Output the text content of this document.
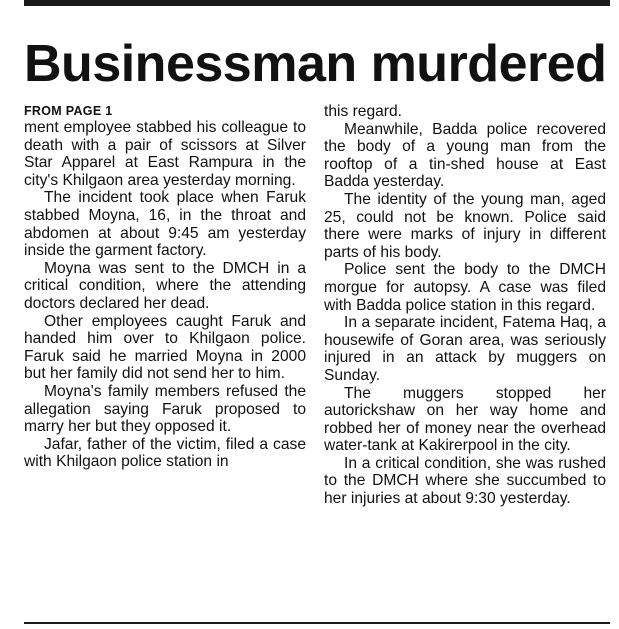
Businessman murdered
FROM PAGE 1
ment employee stabbed his colleague to death with a pair of scissors at Silver Star Apparel at East Rampura in the city's Khilgaon area yesterday morning.
The incident took place when Faruk stabbed Moyna, 16, in the throat and abdomen at about 9:45 am yesterday inside the garment factory.
Moyna was sent to the DMCH in a critical condition, where the attending doctors declared her dead.
Other employees caught Faruk and handed him over to Khilgaon police. Faruk said he married Moyna in 2000 but her family did not send her to him.
Moyna's family members refused the allegation saying Faruk proposed to marry her but they opposed it.
Jafar, father of the victim, filed a case with Khilgaon police station in
this regard.
Meanwhile, Badda police recovered the body of a young man from the rooftop of a tin-shed house at East Badda yesterday.
The identity of the young man, aged 25, could not be known. Police said there were marks of injury in different parts of his body.
Police sent the body to the DMCH morgue for autopsy. A case was filed with Badda police station in this regard.
In a separate incident, Fatema Haq, a housewife of Goran area, was seriously injured in an attack by muggers on Sunday.
The muggers stopped her autorickshaw on her way home and robbed her of money near the overhead water-tank at Kakirerpool in the city.
In a critical condition, she was rushed to the DMCH where she succumbed to her injuries at about 9:30 yesterday.
